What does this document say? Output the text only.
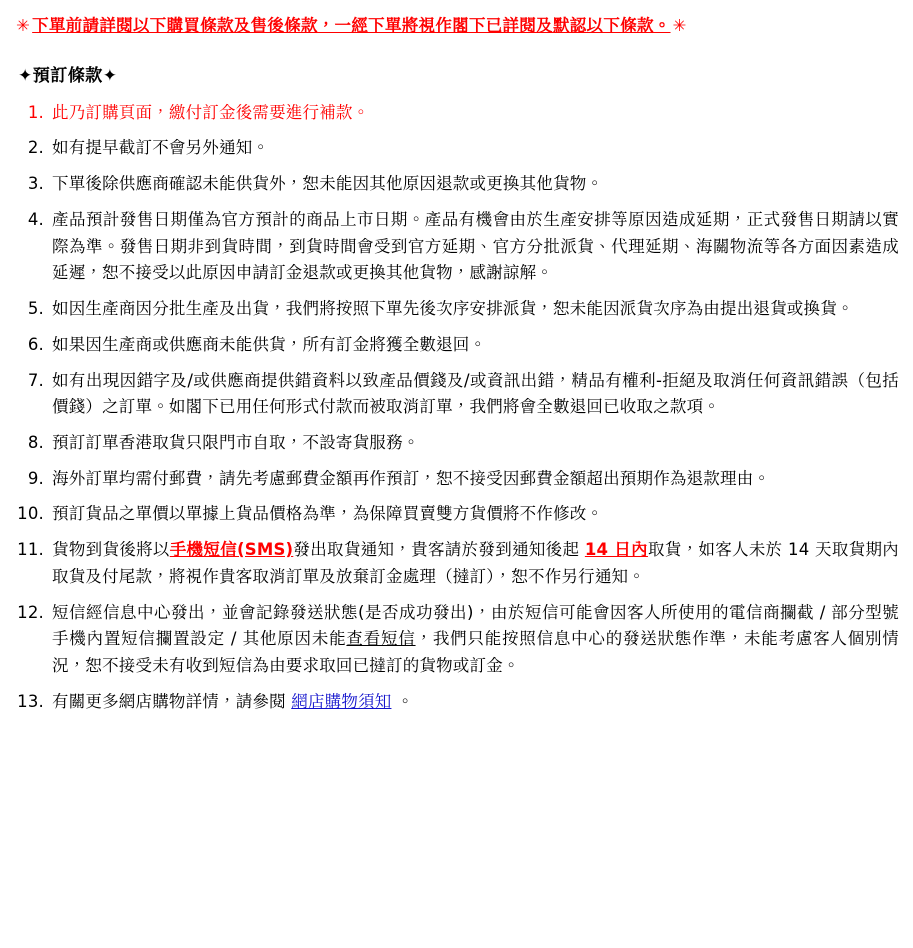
✳ 下單前請詳閱以下購買條款及售後條款，一經下單將視作閣下已詳閱及默認以下條款。 ✳

✦預訂條款✦
1. 此乃訂購頁面，繳付訂金後需要進行補款。
2. 如有提早截訂不會另外通知。
3. 下單後除供應商確認未能供貨外，恕未能因其他原因退款或更換其他貨物。
4. 產品預計發售日期僅為官方預計的商品上市日期。產品有機會由於生產安排等原因造成延期，正式發售日期請以實際為準。發售日期非到貨時間，到貨時間會受到官方延期、官方分批派貨、代理延期、海關物流等各方面因素造成延遲，恕不接受以此原因申請訂金退款或更換其他貨物，感謝諒解。
5. 如因生產商因分批生產及出貨，我們將按照下單先後次序安排派貨，恕未能因派貨次序為由提出退貨或換貨。
6. 如果因生產商或供應商未能供貨，所有訂金將獲全數退回。
7. 如有出現因錯字及/或供應商提供錯資料以致產品價錢及/或資訊出錯，精品有權利-拒絕及取消任何資訊錯誤（包括價錢）之訂單。如閣下已用任何形式付款而被取消訂單，我們將會全數退回已收取之款項。
8. 預訂訂單香港取貨只限門市自取，不設寄貨服務。
9. 海外訂單均需付郵費，請先考慮郵費金額再作預訂，恕不接受因郵費金額超出預期作為退款理由。
10. 預訂貨品之單價以單據上貨品價格為準，為保障買賣雙方貨價將不作修改。
11. 貨物到貨後將以手機短信(SMS)發出取貨通知，貴客請於發到通知後起 14 日內取貨，如客人未於 14 天取貨期內取貨及付尾款，將視作貴客取消訂單及放棄訂金處理（撻訂），恕不作另行通知。
12. 短信經信息中心發出，並會記錄發送狀態(是否成功發出)，由於短信可能會因客人所使用的電信商攔截 / 部分型號手機內置短信攔置設定 / 其他原因未能查看短信，我們只能按照信息中心的發送狀態作準，未能考慮客人個別情況，恕不接受未有收到短信為由要求取回已撻訂的貨物或訂金。
13. 有關更多網店購物詳情，請參閱 網店購物須知 。
